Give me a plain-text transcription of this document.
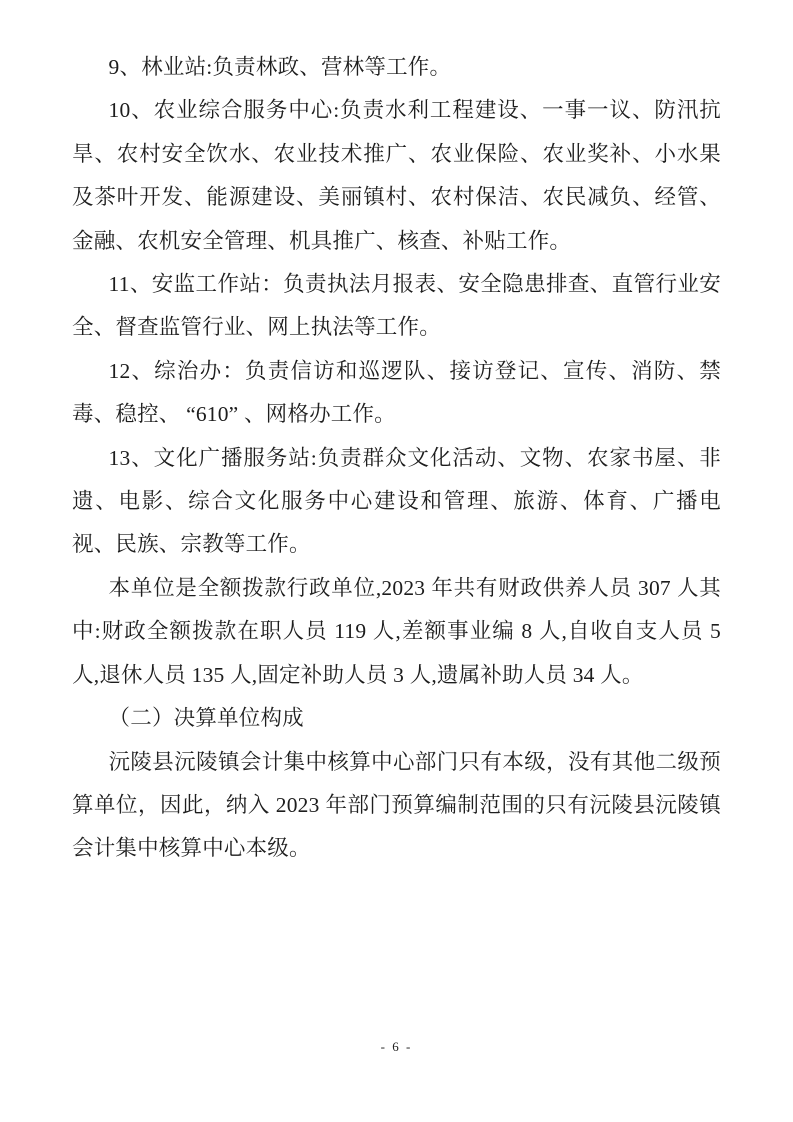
9、林业站:负责林政、营林等工作。

10、农业综合服务中心:负责水利工程建设、一事一议、防汛抗旱、农村安全饮水、农业技术推广、农业保险、农业奖补、小水果及茶叶开发、能源建设、美丽镇村、农村保洁、农民减负、经管、金融、农机安全管理、机具推广、核查、补贴工作。

11、安监工作站：负责执法月报表、安全隐患排查、直管行业安全、督查监管行业、网上执法等工作。

12、综治办：负责信访和巡逻队、接访登记、宣传、消防、禁毒、稳控、 “610” 、网格办工作。

13、文化广播服务站:负责群众文化活动、文物、农家书屋、非遗、电影、综合文化服务中心建设和管理、旅游、体育、广播电视、民族、宗教等工作。

本单位是全额拨款行政单位,2023 年共有财政供养人员 307 人其中:财政全额拨款在职人员 119 人,差额事业编 8 人,自收自支人员 5 人,退休人员 135 人,固定补助人员 3 人,遗属补助人员 34 人。

（二）决算单位构成

沅陵县沅陵镇会计集中核算中心部门只有本级，没有其他二级预算单位，因此，纳入 2023 年部门预算编制范围的只有沅陵县沅陵镇会计集中核算中心本级。

- 6 -
